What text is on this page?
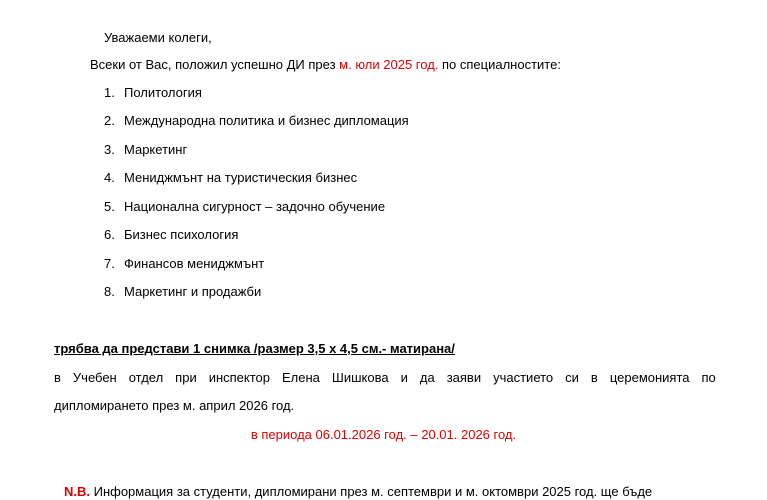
Уважаеми колеги,
Всеки от Вас, положил успешно ДИ през м. юли 2025 год. по специалностите:
1. Политология
2. Международна политика и бизнес дипломация
3. Маркетинг
4. Мениджмънт на туристическия бизнес
5. Национална сигурност – задочно обучение
6. Бизнес психология
7. Финансов мениджмънт
8. Маркетинг и продажби
трябва да представи 1 снимка /размер 3,5 х 4,5 см.- матирана/
в Учебен отдел при инспектор Елена Шишкова и да заяви участието си в церемонията по
дипломирането през м. април 2026 год.
в периода 06.01.2026 год. – 20.01. 2026 год.
N.B. Информация за студенти, дипломирани през м. септември и м. октомври 2025 год. ще бъде
